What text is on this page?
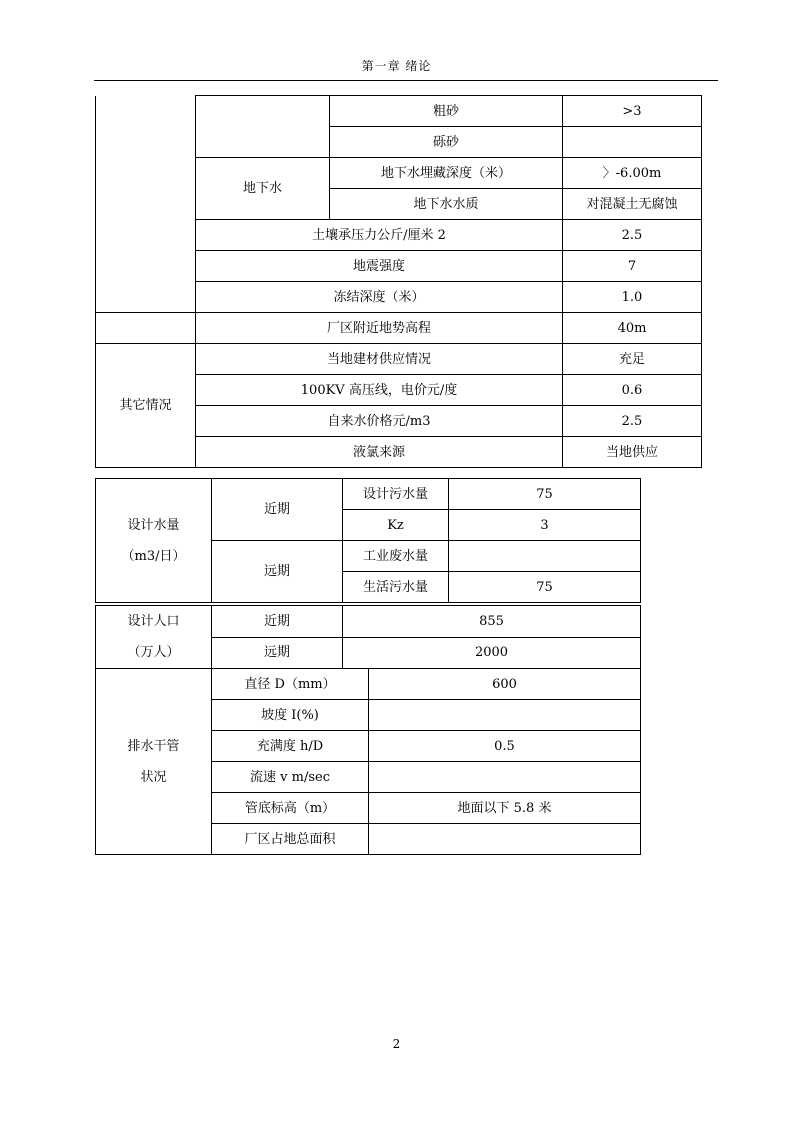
第一章 绪论
		粗砂	>3
		砾砂	
	地下水	地下水埋藏深度（米）	〉-6.00m
		地下水水质	对混凝土无腐蚀
	土壤承压力公斤/厘米 2		2.5
	地震强度		7
	冻结深度（米）		1.0
	厂区附近地势高程		40m
其它情况	当地建材供应情况		充足
	100KV 高压线，电价元/度		0.6
	自来水价格元/m3		2.5
	液氯来源		当地供应
设计水量
（m3/日）	近期	设计污水量	75
		Kz	3
	远期	工业废水量	
		生活污水量	75
设计人口
（万人）	近期	855
	远期	2000
排水干管
状况	直径 D（mm）	600
	坡度 I(%)	
	充满度 h/D	0.5
	流速 v m/sec	
	管底标高（m）	地面以下 5.8 米
	厂区占地总面积	
2
